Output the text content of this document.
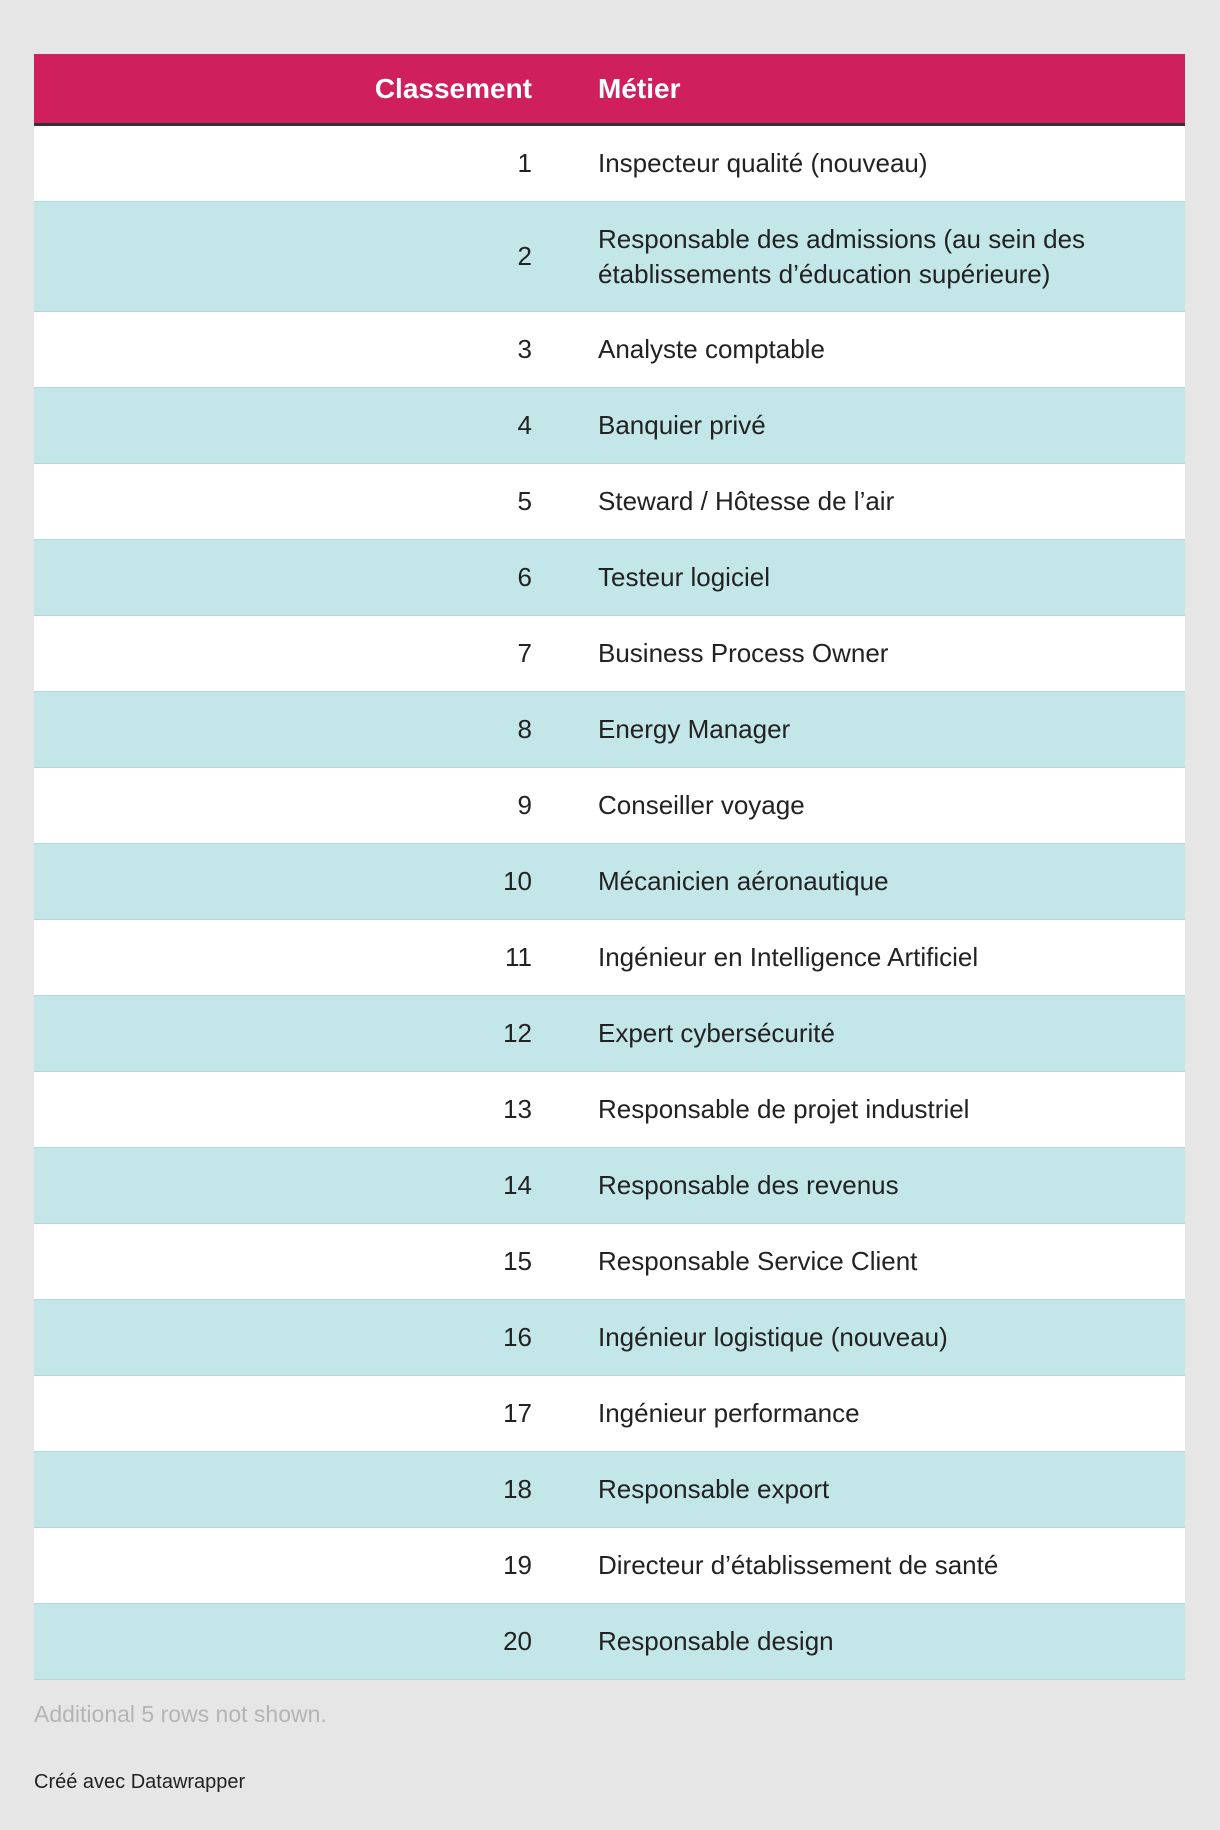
Classement	Métier
1	Inspecteur qualité (nouveau)
2	Responsable des admissions (au sein des établissements d’éducation supérieure)
3	Analyste comptable
4	Banquier privé
5	Steward / Hôtesse de l’air
6	Testeur logiciel
7	Business Process Owner
8	Energy Manager
9	Conseiller voyage
10	Mécanicien aéronautique
11	Ingénieur en Intelligence Artificiel
12	Expert cybersécurité
13	Responsable de projet industriel
14	Responsable des revenus
15	Responsable Service Client
16	Ingénieur logistique (nouveau)
17	Ingénieur performance
18	Responsable export
19	Directeur d’établissement de santé
20	Responsable design
Additional 5 rows not shown.
Créé avec Datawrapper
